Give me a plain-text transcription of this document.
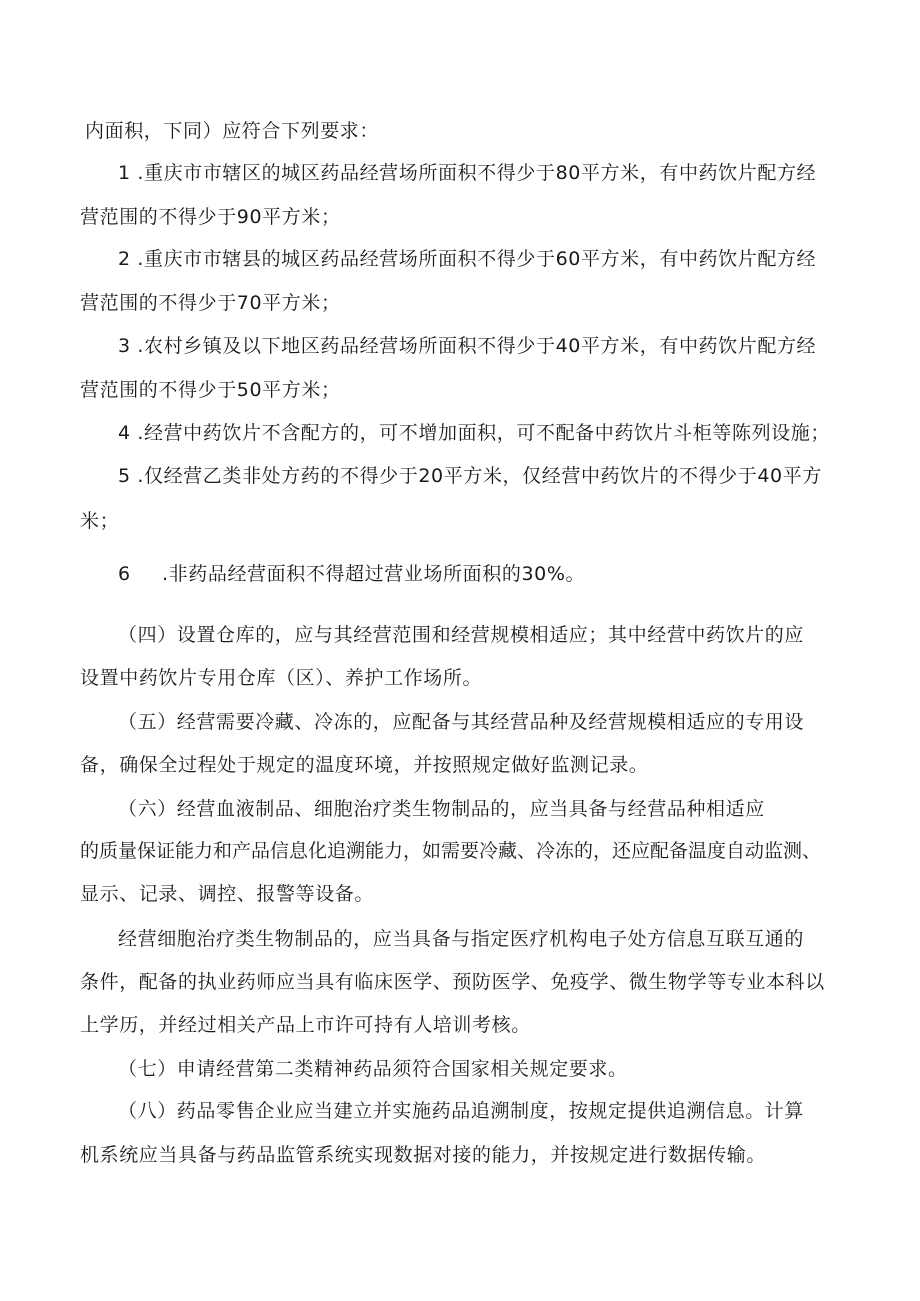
内面积，下同）应符合下列要求：
1 .重庆市市辖区的城区药品经营场所面积不得少于80平方米，有中药饮片配方经
营范围的不得少于90平方米；
2 .重庆市市辖县的城区药品经营场所面积不得少于60平方米，有中药饮片配方经
营范围的不得少于70平方米；
3 .农村乡镇及以下地区药品经营场所面积不得少于40平方米，有中药饮片配方经
营范围的不得少于50平方米；
4 .经营中药饮片不含配方的，可不增加面积，可不配备中药饮片斗柜等陈列设施；
5 .仅经营乙类非处方药的不得少于20平方米，仅经营中药饮片的不得少于40平方
米；
6 .非药品经营面积不得超过营业场所面积的30%。
（四）设置仓库的，应与其经营范围和经营规模相适应；其中经营中药饮片的应
设置中药饮片专用仓库（区）、养护工作场所。
（五）经营需要冷藏、冷冻的，应配备与其经营品种及经营规模相适应的专用设
备，确保全过程处于规定的温度环境，并按照规定做好监测记录。
（六）经营血液制品、细胞治疗类生物制品的，应当具备与经营品种相适应
的质量保证能力和产品信息化追溯能力，如需要冷藏、冷冻的，还应配备温度自动监测、
显示、记录、调控、报警等设备。
经营细胞治疗类生物制品的，应当具备与指定医疗机构电子处方信息互联互通的
条件，配备的执业药师应当具有临床医学、预防医学、免疫学、微生物学等专业本科以
上学历，并经过相关产品上市许可持有人培训考核。
（七）申请经营第二类精神药品须符合国家相关规定要求。
（八）药品零售企业应当建立并实施药品追溯制度，按规定提供追溯信息。计算
机系统应当具备与药品监管系统实现数据对接的能力，并按规定进行数据传输。
